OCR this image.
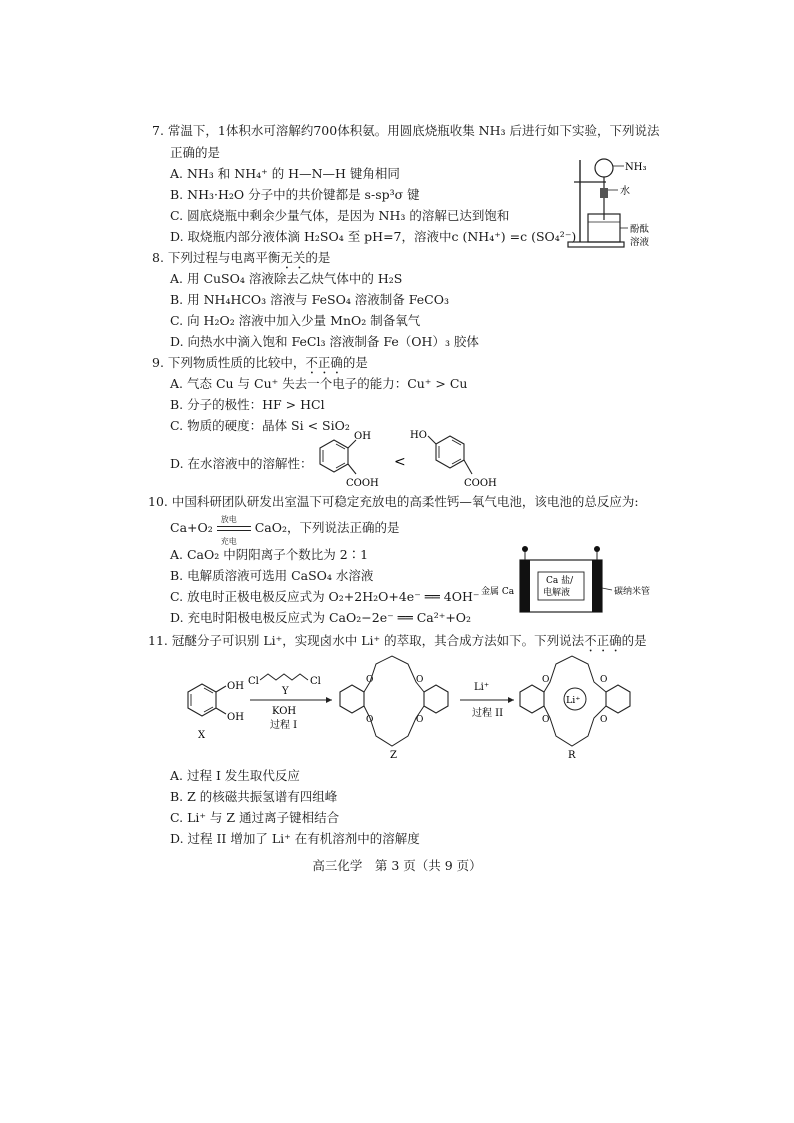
7. 常温下，1体积水可溶解约700体积氨。用圆底烧瓶收集 NH₃ 后进行如下实验，下列说法
正确的是
A. NH₃ 和 NH₄⁺ 的 H—N—H 键角相同
B. NH₃·H₂O 分子中的共价键都是 s-sp³σ 键
C. 圆底烧瓶中剩余少量气体，是因为 NH₃ 的溶解已达到饱和
D. 取烧瓶内部分液体滴 H₂SO₄ 至 pH=7，溶液中c (NH₄⁺) =c (SO₄²⁻)
NH₃
水
酚酞
溶液
8. 下列过程与电离平衡无关的是
A. 用 CuSO₄ 溶液除去乙炔气体中的 H₂S
B. 用 NH₄HCO₃ 溶液与 FeSO₄ 溶液制备 FeCO₃
C. 向 H₂O₂ 溶液中加入少量 MnO₂ 制备氧气
D. 向热水中滴入饱和 FeCl₃ 溶液制备 Fe（OH）₃ 胶体
9. 下列物质性质的比较中，不正确的是
A. 气态 Cu 与 Cu⁺ 失去一个电子的能力：Cu⁺ > Cu
B. 分子的极性：HF > HCl
C. 物质的硬度：晶体 Si < SiO₂
D. 在水溶液中的溶解性：
OH
COOH
<
HO
COOH
10. 中国科研团队研发出室温下可稳定充放电的高柔性钙—氧气电池，该电池的总反应为:
Ca+O₂
放电
充电
CaO₂，下列说法正确的是
A. CaO₂ 中阴阳离子个数比为 2∶1
B. 电解质溶液可选用 CaSO₄ 水溶液
C. 放电时正极电极反应式为 O₂+2H₂O+4e⁻ ══ 4OH⁻
D. 充电时阳极电极反应式为 CaO₂−2e⁻ ══ Ca²⁺+O₂
Ca 盐/
电解液
金属 Ca	碳纳米管
11. 冠醚分子可识别 Li⁺，实现卤水中 Li⁺ 的萃取，其合成方法如下。下列说法不正确的是
OH
OH
X
Cl	Cl
Y
KOH
过程 I
O	O
O	O
Z
Li⁺
过程 II
Li⁺
O	O
O	O
R
A. 过程 I 发生取代反应
B. Z 的核磁共振氢谱有四组峰
C. Li⁺ 与 Z 通过离子键相结合
D. 过程 II 增加了 Li⁺ 在有机溶剂中的溶解度
高三化学　第 3 页（共 9 页）
